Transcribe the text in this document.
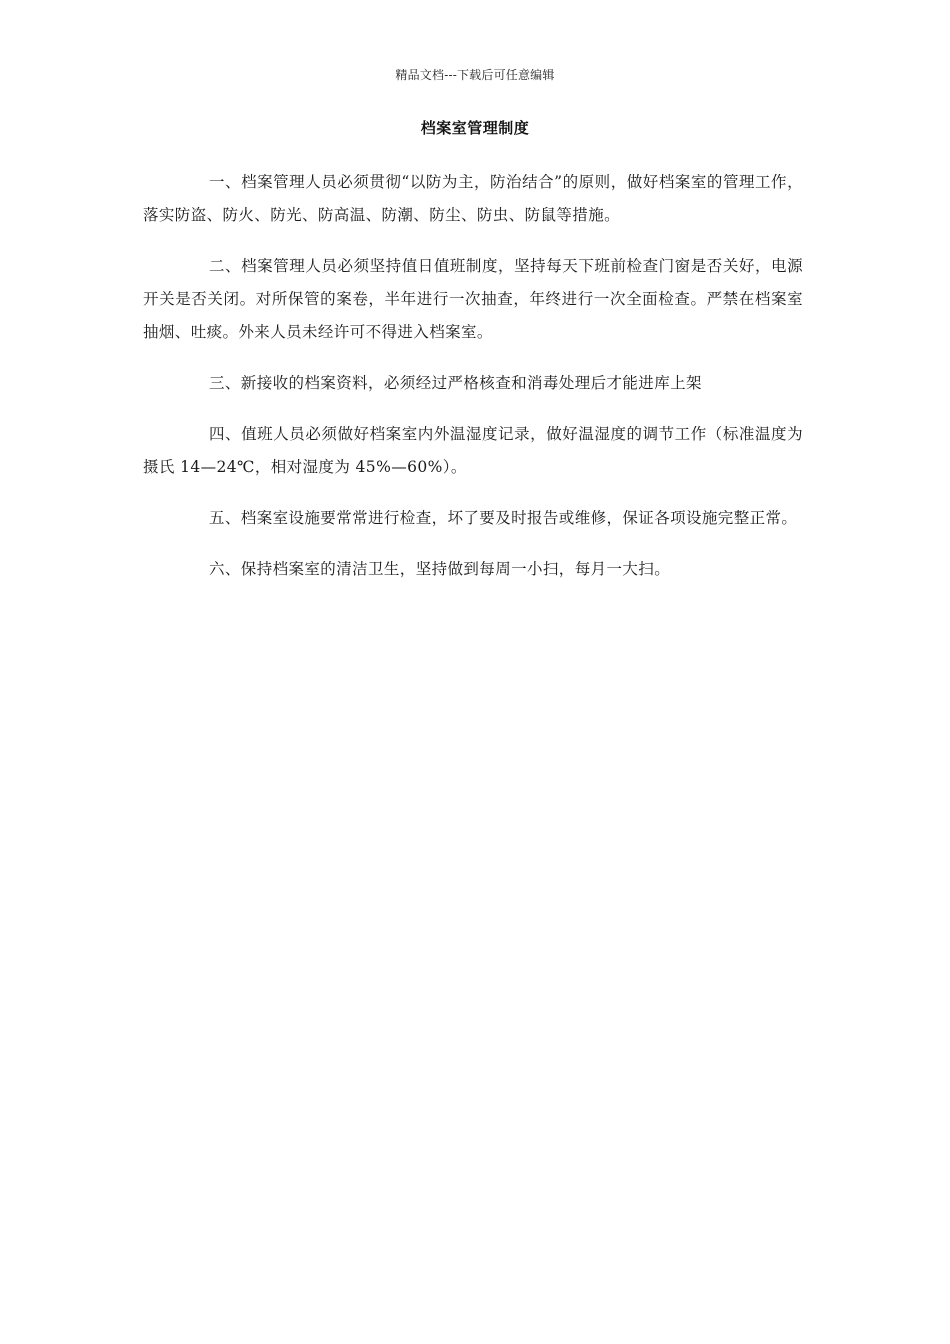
精品文档---下载后可任意编辑
档案室管理制度

一、档案管理人员必须贯彻“以防为主，防治结合”的原则，做好档案室的管理工作，落实防盗、防火、防光、防高温、防潮、防尘、防虫、防鼠等措施。

二、档案管理人员必须坚持值日值班制度，坚持每天下班前检查门窗是否关好，电源开关是否关闭。对所保管的案卷，半年进行一次抽查，年终进行一次全面检查。严禁在档案室抽烟、吐痰。外来人员未经许可不得进入档案室。

三、新接收的档案资料，必须经过严格核查和消毒处理后才能进库上架

四、值班人员必须做好档案室内外温湿度记录，做好温湿度的调节工作（标准温度为摄氏 14—24℃，相对湿度为 45%—60%）。

五、档案室设施要常常进行检查，坏了要及时报告或维修，保证各项设施完整正常。

六、保持档案室的清洁卫生，坚持做到每周一小扫，每月一大扫。
